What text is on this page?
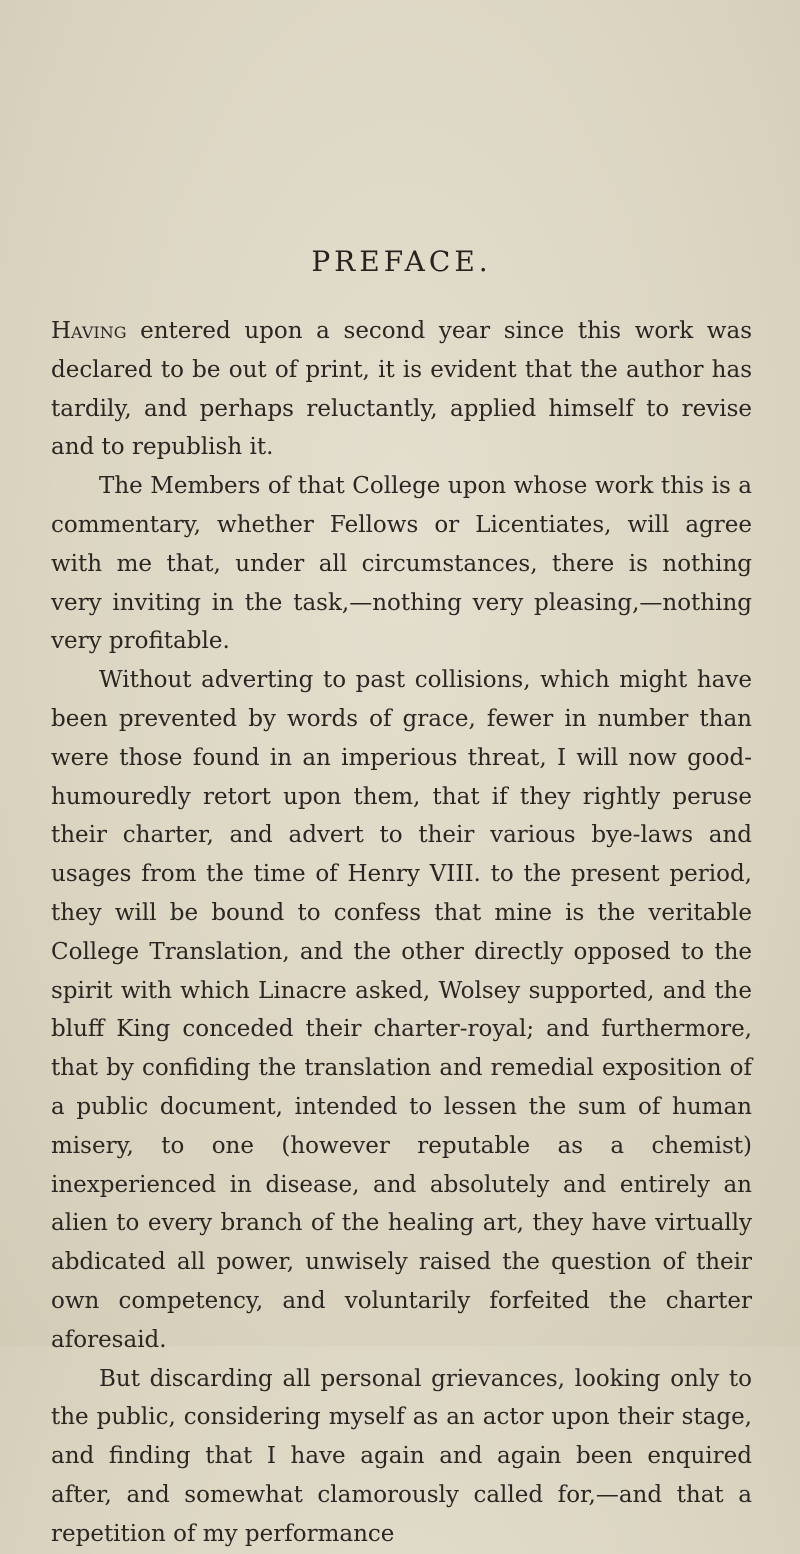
PREFACE.

Having entered upon a second year since this work was declared to be out of print, it is evident that the author has tardily, and perhaps reluctantly, applied himself to revise and to republish it.

The Members of that College upon whose work this is a commentary, whether Fellows or Licentiates, will agree with me that, under all circumstances, there is nothing very inviting in the task,—nothing very pleasing,—nothing very profitable.

Without adverting to past collisions, which might have been prevented by words of grace, fewer in number than were those found in an imperious threat, I will now good-humouredly retort upon them, that if they rightly peruse their charter, and advert to their various bye-laws and usages from the time of Henry VIII. to the present period, they will be bound to confess that mine is the veritable College Translation, and the other directly opposed to the spirit with which Linacre asked, Wolsey supported, and the bluff King conceded their charter-royal; and furthermore, that by confiding the translation and remedial exposition of a public document, intended to lessen the sum of human misery, to one (however reputable as a chemist) inexperienced in disease, and absolutely and entirely an alien to every branch of the healing art, they have virtually abdicated all power, unwisely raised the question of their own competency, and voluntarily forfeited the charter aforesaid.

But discarding all personal grievances, looking only to the public, considering myself as an actor upon their stage, and finding that I have again and again been enquired after, and somewhat clamorously called for,—and that a repetition of my performance
